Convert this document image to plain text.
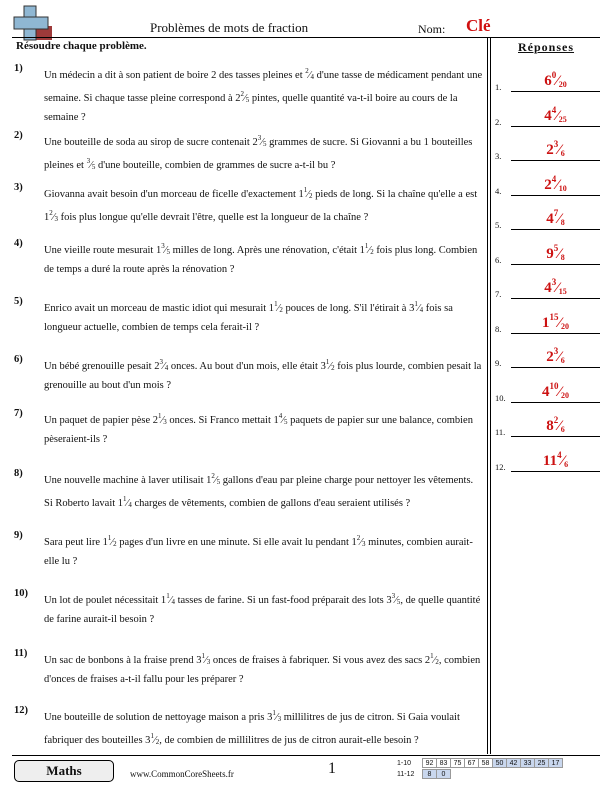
Problèmes de mots de fraction	Nom: Clé
Résoudre chaque problème.
1)
Un médecin a dit à son patient de boire 2 des tasses pleines et $^2⁄_4$ d'une tasse de médicament pendant une semaine. Si chaque tasse pleine correspond à $2^2⁄_5$ pintes, quelle quantité va-t-il boire au cours de la semaine ?
2)
Une bouteille de soda au sirop de sucre contenait $2^3⁄_5$ grammes de sucre. Si Giovanni a bu 1 bouteilles pleines et $^3⁄_5$ d'une bouteille, combien de grammes de sucre a-t-il bu ?
3)
Giovanna avait besoin d'un morceau de ficelle d'exactement $1^1⁄_2$ pieds de long. Si la chaîne qu'elle a est $1^2⁄_3$ fois plus longue qu'elle devrait l'être, quelle est la longueur de la chaîne ?
4)
Une vieille route mesurait $1^3⁄_5$ milles de long. Après une rénovation, c'était $1^1⁄_2$ fois plus long. Combien de temps a duré la route après la rénovation ?
5)
Enrico avait un morceau de mastic idiot qui mesurait $1^1⁄_2$ pouces de long. S'il l'étirait à $3^1⁄_4$ fois sa longueur actuelle, combien de temps cela ferait-il ?
6)
Un bébé grenouille pesait $2^3⁄_4$ onces. Au bout d'un mois, elle était $3^1⁄_2$ fois plus lourde, combien pesait la grenouille au bout d'un mois ?
7)
Un paquet de papier pèse $2^1⁄_3$ onces. Si Franco mettait $1^4⁄_5$ paquets de papier sur une balance, combien pèseraient-ils ?
8)
Une nouvelle machine à laver utilisait $1^2⁄_5$ gallons d'eau par pleine charge pour nettoyer les vêtements. Si Roberto lavait $1^1⁄_4$ charges de vêtements, combien de gallons d'eau seraient utilisés ?
9)
Sara peut lire $1^1⁄_2$ pages d'un livre en une minute. Si elle avait lu pendant $1^2⁄_3$ minutes, combien aurait-elle lu ?
10)
Un lot de poulet nécessitait $1^1⁄_4$ tasses de farine. Si un fast-food préparait des lots $3^3⁄_5$, de quelle quantité de farine aurait-il besoin ?
11)
Un sac de bonbons à la fraise prend $3^1⁄_3$ onces de fraises à fabriquer. Si vous avez des sacs $2^1⁄_2$, combien d'onces de fraises a-t-il fallu pour les préparer ?
12)
Une bouteille de solution de nettoyage maison a pris $3^1⁄_3$ millilitres de jus de citron. Si Gaia voulait fabriquer des bouteilles $3^1⁄_2$, de combien de millilitres de jus de citron aurait-elle besoin ?
Réponses
1.	$6^0⁄_{20}$
2.	$4^4⁄_{25}$
3.	$2^3⁄_6$
4.	$2^4⁄_{10}$
5.	$4^7⁄_8$
6.	$9^5⁄_8$
7.	$4^3⁄_{15}$
8.	$1^{15}⁄_{20}$
9.	$2^3⁄_6$
10.	$4^{10}⁄_{20}$
11.	$8^2⁄_6$
12.	$11^4⁄_6$
Maths	www.CommonCoreSheets.fr	1	1-10	92 83 75 67 58 50 42 33 25 17
11-12	8	0
